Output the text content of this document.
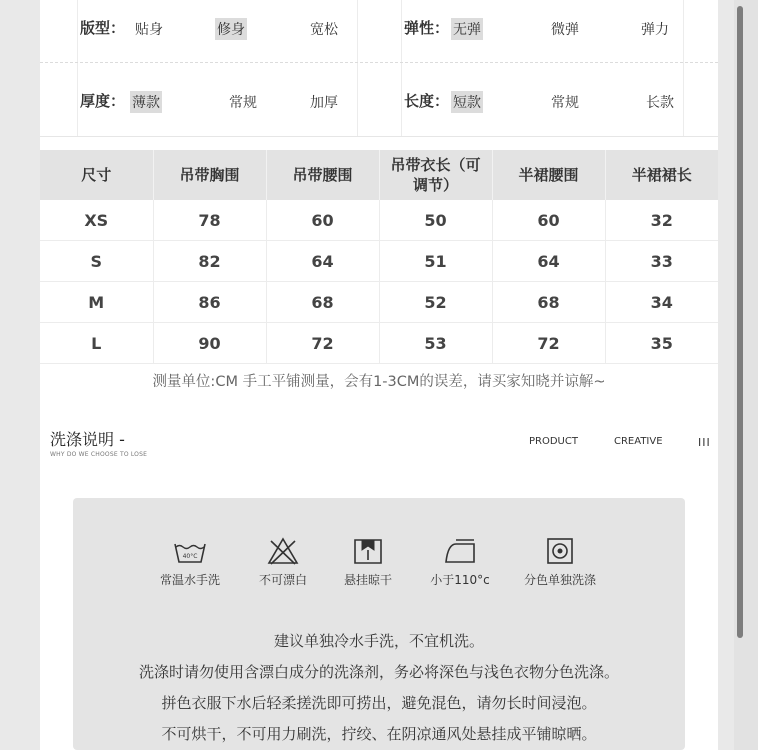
版型： 贴身	修身	宽松	弹性： 无弹	微弹	弹力
厚度： 薄款	常规	加厚	长度： 短款	常规	长款
尺寸	吊带胸围	吊带腰围	吊带衣长（可调节）	半裙腰围	半裙裙长
XS	78	60	50	60	32
S	82	64	51	64	33
M	86	68	52	68	34
L	90	72	53	72	35
测量单位:CM 手工平铺测量，会有1-3CM的误差，请买家知晓并谅解~
洗涤说明 -
WHY DO WE CHOOSE TO LOSE
PRODUCT	CREATIVE	III
40°C
常温水手洗	不可漂白	悬挂晾干	小于110°c	分色单独洗涤
建议单独冷水手洗，不宜机洗。
洗涤时请勿使用含漂白成分的洗涤剂，务必将深色与浅色衣物分色洗涤。
拼色衣服下水后轻柔搓洗即可捞出，避免混色，请勿长时间浸泡。
不可烘干，不可用力刷洗，拧绞、在阴凉通风处悬挂成平铺晾晒。
